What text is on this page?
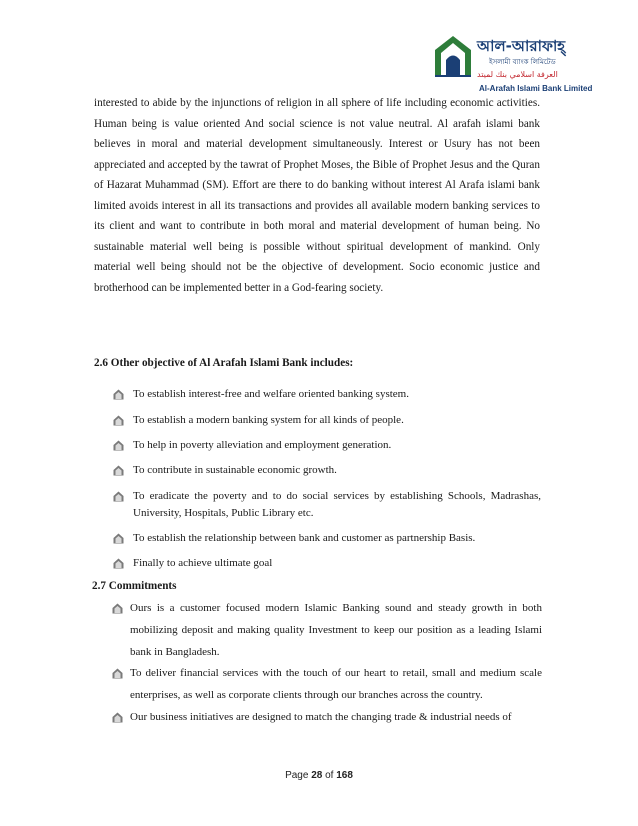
আল-আরাফাহ্
ইসলামী ব্যাংক লিমিটেড
العرفة اسلامي بنك لميتد
Al-Arafah Islami Bank Limited

interested to abide by the injunctions of religion in all sphere of life including economic activities. Human being is value oriented And social science is not value neutral. Al arafah islami bank believes in moral and material development simultaneously. Interest or Usury has not been appreciated and accepted by the tawrat of Prophet Moses, the Bible of Prophet Jesus and the Quran of Hazarat Muhammad (SM). Effort are there to do banking without interest Al Arafa islami bank limited avoids interest in all its transactions and provides all available modern banking services to its client and want to contribute in both moral and material development of human being. No sustainable material well being is possible without spiritual development of mankind. Only material well being should not be the objective of development. Socio economic justice and brotherhood can be implemented better in a God-fearing society.

2.6 Other objective of Al Arafah Islami Bank includes:

To establish interest-free and welfare oriented banking system.
To establish a modern banking system for all kinds of people.
To help in poverty alleviation and employment generation.
To contribute in sustainable economic growth.
To eradicate the poverty and to do social services by establishing Schools, Madrashas, University, Hospitals, Public Library etc.
To establish the relationship between bank and customer as partnership Basis.
Finally to achieve ultimate goal

2.7 Commitments

Ours is a customer focused modern Islamic Banking sound and steady growth in both mobilizing deposit and making quality Investment to keep our position as a leading Islami bank in Bangladesh.
To deliver financial services with the touch of our heart to retail, small and medium scale enterprises, as well as corporate clients through our branches across the country.
Our business initiatives are designed to match the changing trade & industrial needs of
Page 28 of 168
